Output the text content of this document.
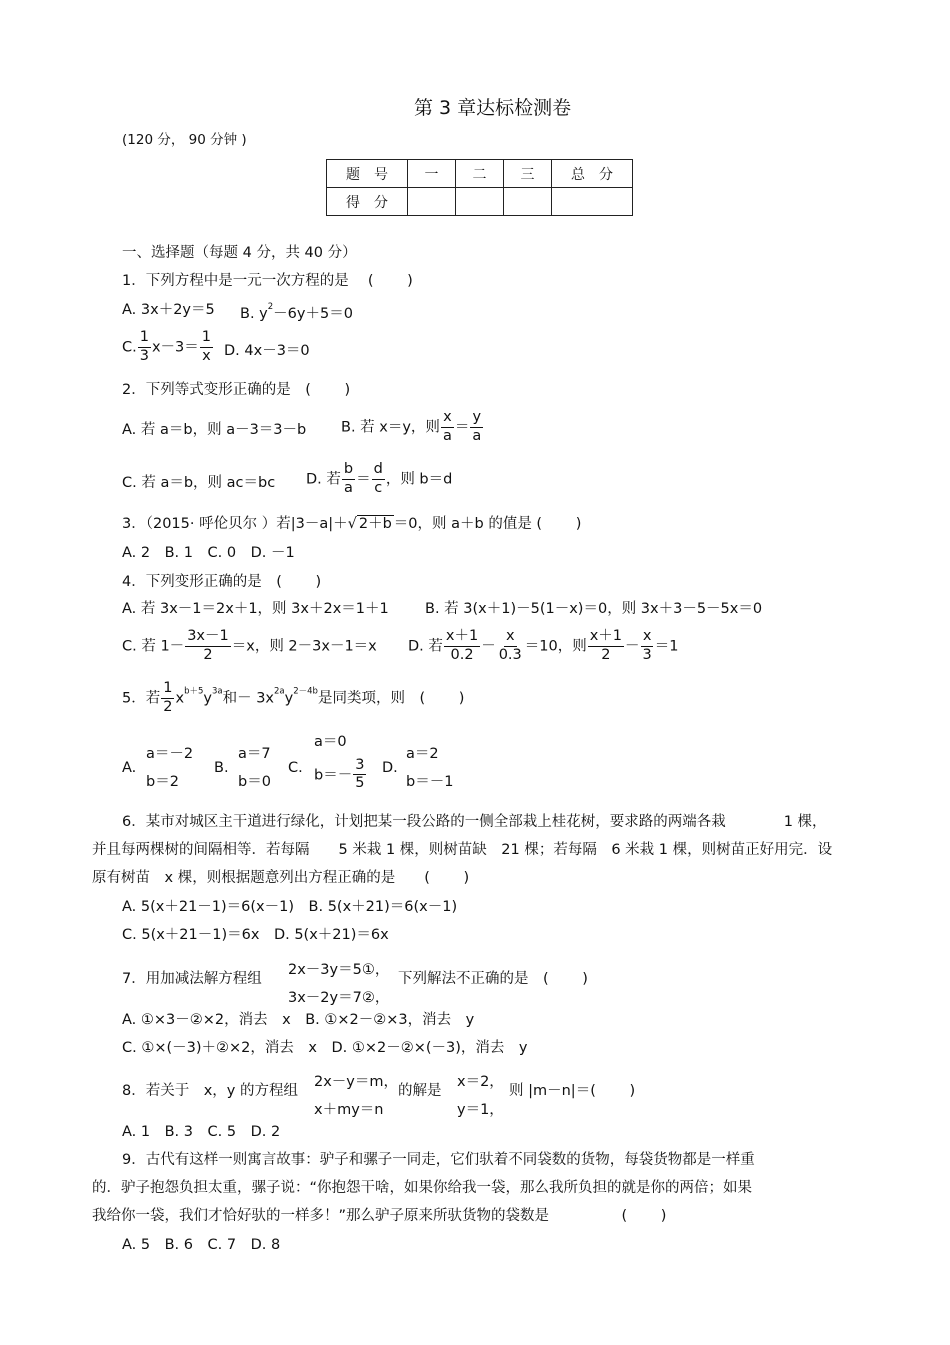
第 3 章达标检测卷
(120 分， 90 分钟 )
题　号	一	二	三	总　分
得　分				
一、选择题（每题 4 分，共 40 分）
1．下列方程中是一元一次方程的是　 (　　 )
A. 3x＋2y＝5 B. $y^2-6y+5=0$
C. $\frac{1}{3} x-3= \frac{1}{x} D$. 4x－3＝0
2．下列等式变形正确的是　(　　 )
A. 若 a＝b，则 a－3＝3－b B. 若 x＝y，则 $\frac{x}{a} = \frac{y}{a}$
C. 若 a＝b，则 ac＝bc D. 若 $\frac{b}{a} = \frac{d}{c}$ ，则 b＝d
3．（2015· 呼伦贝尔 ）若|3－a|＋√ 2＋b ＝0，则 a＋b 的值是 (　　 )
A. 2　B. 1　C. 0　D. －1
4．下列变形正确的是　(　　 )
A. 若 3x－1＝2x＋1，则 3x＋2x＝1＋1	B. 若 3(x＋1)－5(1－x)＝0，则 3x＋3－5－5x＝0
C. 若 $1- \frac{3x-1}{2} =x$，则 2－3x－1＝x D. 若 $\frac{x+1}{0.2} - \frac{x}{0.3} =10$，则 $\frac{x+1}{2} - \frac{x}{3} =1$
5．若 $\frac{1}{2} x^{b+5}y^{3a}$和－ $3x^{2a}y^{2-4b}$是同类项，则　(　　 )
A.
a＝－2
b＝2
B.
a＝7
b＝0
C.
a＝0
$b=- \frac{3}{5} D$.
a＝2
b＝－1
6．某市对城区主干道进行绿化，计划把某一段公路的一侧全部栽上桂花树，要求路的两端各栽　　　　1 棵，
并且每两棵树的间隔相等．若每隔　　5 米栽 1 棵，则树苗缺　21 棵；若每隔　6 米栽 1 棵，则树苗正好用完．设
原有树苗　x 棵，则根据题意列出方程正确的是　　(　　 )
A. 5(x＋21－1)＝6(x－1)　B. 5(x＋21)＝6(x－1)
C. 5(x＋21－1)＝6x　D. 5(x＋21)＝6x
7．用加减法解方程组
2x－3y＝5①，
3x－2y＝7②，
下列解法不正确的是　(　　 )
A. ①×3－②×2，消去　x　B. ①×2－②×3，消去　y
C. ①×(－3)＋②×2，消去　x　D. ①×2－②×(－3)，消去　y
8．若关于　x，y 的方程组
2x－y＝m，
x＋my＝n
的解是
x＝2，
y＝1，
则 |m－n|＝(　　 )
A. 1　B. 3　C. 5　D. 2
9．古代有这样一则寓言故事：驴子和骡子一同走，它们驮着不同袋数的货物，每袋货物都是一样重
的．驴子抱怨负担太重，骡子说：“你抱怨干啥，如果你给我一袋，那么我所负担的就是你的两倍；如果
我给你一袋，我们才恰好驮的一样多！”那么驴子原来所驮货物的袋数是　　　　　(　　 )
A. 5　B. 6　C. 7　D. 8
